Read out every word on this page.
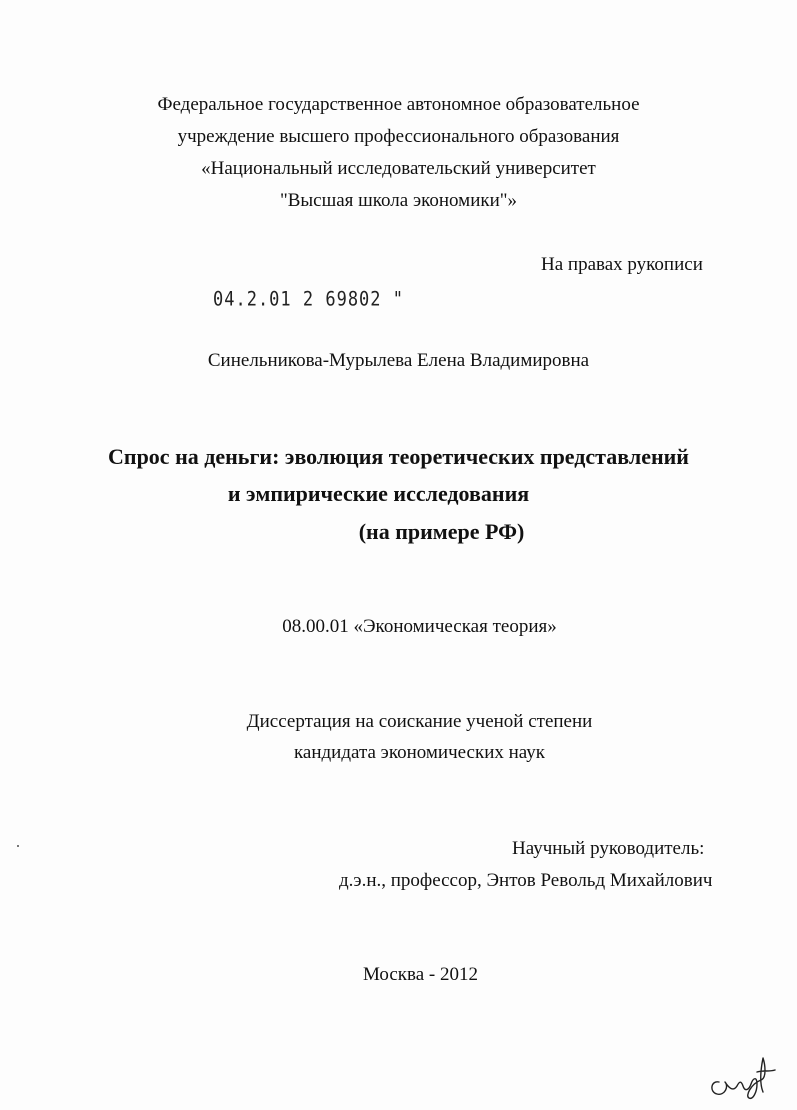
Федеральное государственное автономное образовательное
учреждение высшего профессионального образования
«Национальный исследовательский университет
"Высшая школа экономики"»
На правах рукописи
04.2.01 2 69802 "
Синельникова-Мурылева Елена Владимировна
Спрос на деньги: эволюция теоретических представлений
и эмпирические исследования
(на примере РФ)
08.00.01 «Экономическая теория»
Диссертация на соискание ученой степени
кандидата экономических наук
Научный руководитель:
д.э.н., профессор, Энтов Револьд Михайлович
Москва - 2012
